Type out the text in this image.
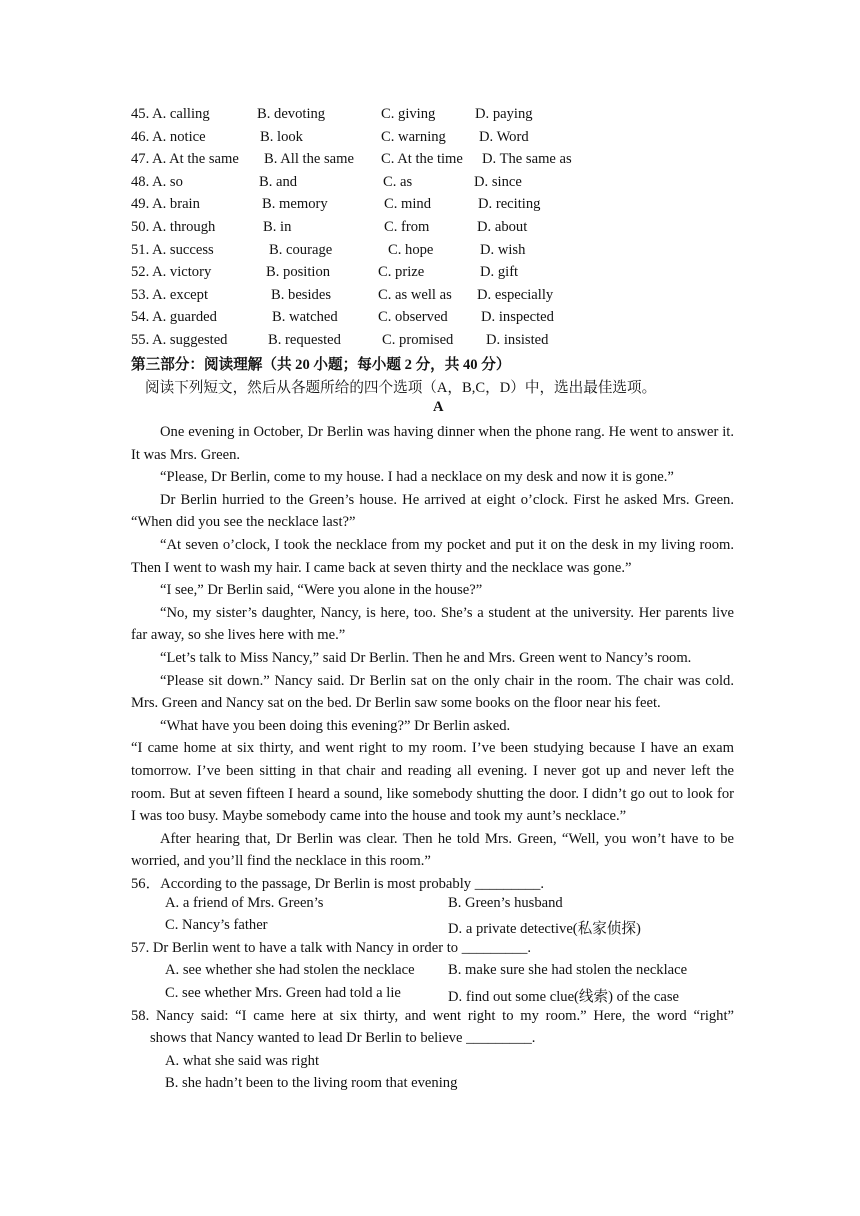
45. A. calling	B. devoting	C. giving	D. paying
46. A. notice	B. look	C. warning D. Word
47. A. At the same B. All the same C. At the time D. The same as
48. A. so	B. and	C. as	D. since
49. A. brain	B. memory	C. mind	D. reciting
50. A. through	B. in	C. from	D. about
51. A. success	B. courage	C. hope	D. wish
52. A. victory	B. position	C. prize	D. gift
53. A. except	B. besides	C. as well as D. especially
54. A. guarded	B. watched	C. observed D. inspected
55. A. suggested	B. requested	C. promised D. insisted
第三部分：阅读理解（共 20 小题；每小题 2 分，共 40 分）
阅读下列短文，然后从各题所给的四个选项（A，B,C，D）中，选出最佳选项。
A

One evening in October, Dr Berlin was having dinner when the phone rang. He went to answer it. It was Mrs. Green.

“Please, Dr Berlin, come to my house. I had a necklace on my desk and now it is gone.”

Dr Berlin hurried to the Green’s house. He arrived at eight o’clock. First he asked Mrs. Green. “When did you see the necklace last?”

“At seven o’clock, I took the necklace from my pocket and put it on the desk in my living room. Then I went to wash my hair. I came back at seven thirty and the necklace was gone.”

“I see,” Dr Berlin said, “Were you alone in the house?”

“No, my sister’s daughter, Nancy, is here, too. She’s a student at the university. Her parents live far away, so she lives here with me.”

“Let’s talk to Miss Nancy,” said Dr Berlin. Then he and Mrs. Green went to Nancy’s room.

“Please sit down.” Nancy said. Dr Berlin sat on the only chair in the room. The chair was cold. Mrs. Green and Nancy sat on the bed. Dr Berlin saw some books on the floor near his feet.

“What have you been doing this evening?” Dr Berlin asked.

“I came home at six thirty, and went right to my room. I’ve been studying because I have an exam tomorrow. I’ve been sitting in that chair and reading all evening. I never got up and never left the room. But at seven fifteen I heard a sound, like somebody shutting the door. I didn’t go out to look for I was too busy. Maybe somebody came into the house and took my aunt’s necklace.”

After hearing that, Dr Berlin was clear. Then he told Mrs. Green, “Well, you won’t have to be worried, and you’ll find the necklace in this room.”

56．According to the passage, Dr Berlin is most probably _________.
A. a friend of Mrs. Green’s	B. Green’s husband
C. Nancy’s father	D. a private detective(私家侦探)
57. Dr Berlin went to have a talk with Nancy in order to _________.
A. see whether she had stolen the necklace B. make sure she had stolen the necklace
C. see whether Mrs. Green had told a lie	D. find out some clue(线索) of the case
58. Nancy said: “I came here at six thirty, and went right to my room.” Here, the word “right”
shows that Nancy wanted to lead Dr Berlin to believe _________.
A. what she said was right
B. she hadn’t been to the living room that evening
